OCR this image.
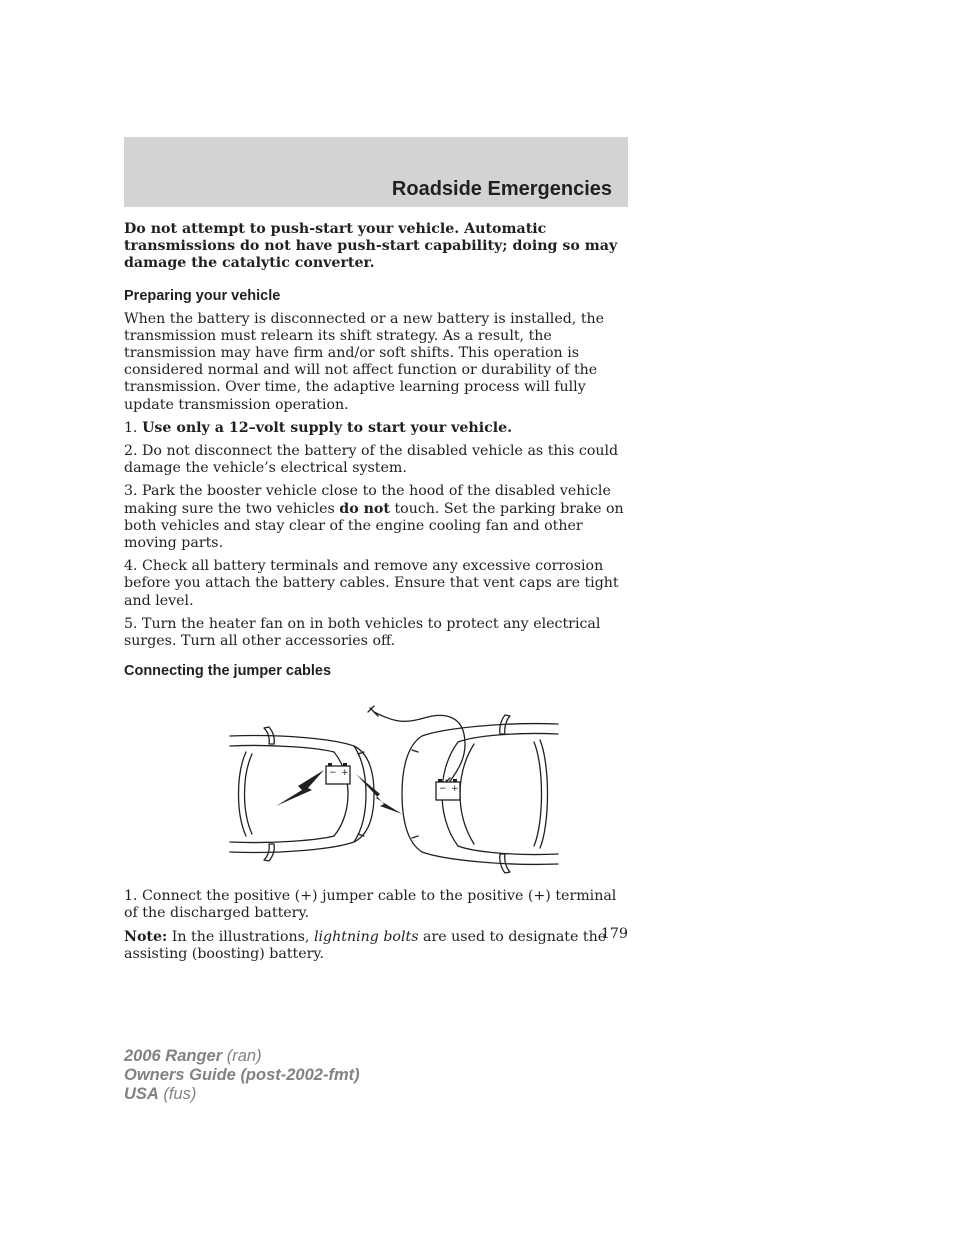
Roadside Emergencies

Do not attempt to push-start your vehicle. Automatic transmissions do not have push-start capability; doing so may damage the catalytic converter.

Preparing your vehicle

When the battery is disconnected or a new battery is installed, the transmission must relearn its shift strategy. As a result, the transmission may have firm and/or soft shifts. This operation is considered normal and will not affect function or durability of the transmission. Over time, the adaptive learning process will fully update transmission operation.

1. Use only a 12–volt supply to start your vehicle.

2. Do not disconnect the battery of the disabled vehicle as this could damage the vehicle’s electrical system.

3. Park the booster vehicle close to the hood of the disabled vehicle making sure the two vehicles do not touch. Set the parking brake on both vehicles and stay clear of the engine cooling fan and other moving parts.

4. Check all battery terminals and remove any excessive corrosion before you attach the battery cables. Ensure that vent caps are tight and level.

5. Turn the heater fan on in both vehicles to protect any electrical surges. Turn all other accessories off.

Connecting the jumper cables
− +
− +

1. Connect the positive (+) jumper cable to the positive (+) terminal of the discharged battery.

Note: In the illustrations, lightning bolts are used to designate the assisting (boosting) battery.

179
2006 Ranger (ran)
Owners Guide (post-2002-fmt)
USA (fus)
